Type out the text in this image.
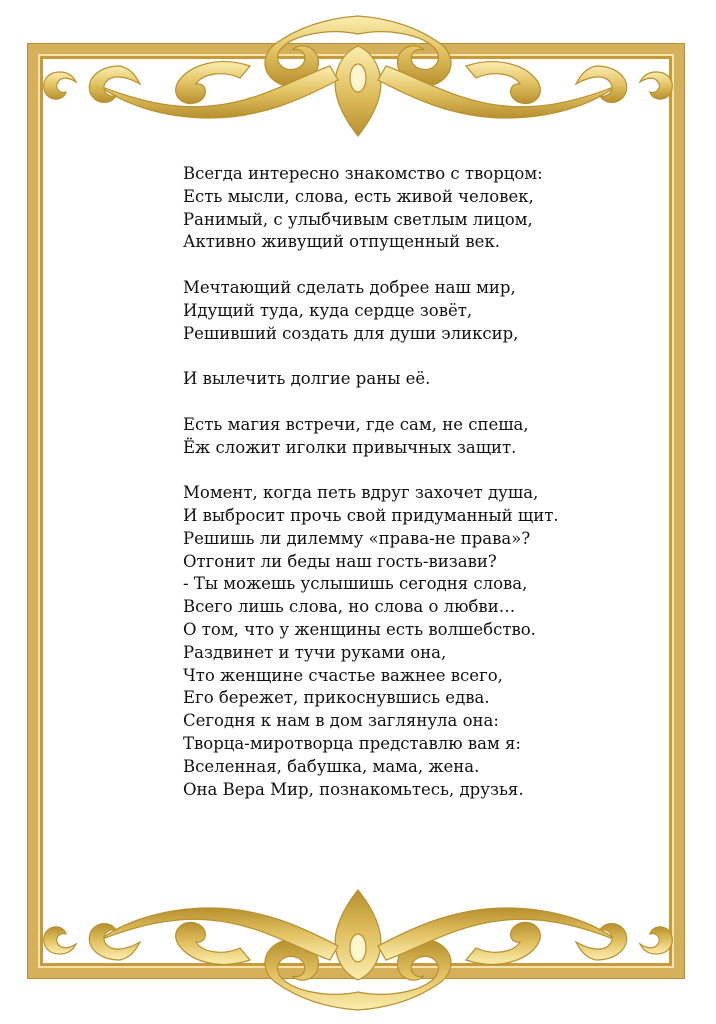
Всегда интересно знакомство с творцом:
Есть мысли, слова, есть живой человек,
Ранимый, с улыбчивым светлым лицом,
Активно живущий отпущенный век.
Мечтающий сделать добрее наш мир,
Идущий туда, куда сердце зовёт,
Решивший создать для души эликсир,
И вылечить долгие раны её.
Есть магия встречи, где сам, не спеша,
Ёж сложит иголки привычных защит.
Момент, когда петь вдруг захочет душа,
И выбросит прочь свой придуманный щит.
Решишь ли дилемму «права-не права»?
Отгонит ли беды наш гость-визави?
- Ты можешь услышишь сегодня слова,
Всего лишь слова, но слова о любви…
О том, что у женщины есть волшебство.
Раздвинет и тучи руками она,
Что женщине счастье важнее всего,
Его бережет, прикоснувшись едва.
Сегодня к нам в дом заглянула она:
Творца-миротворца представлю вам я:
Вселенная, бабушка, мама, жена.
Она Вера Мир, познакомьтесь, друзья.
